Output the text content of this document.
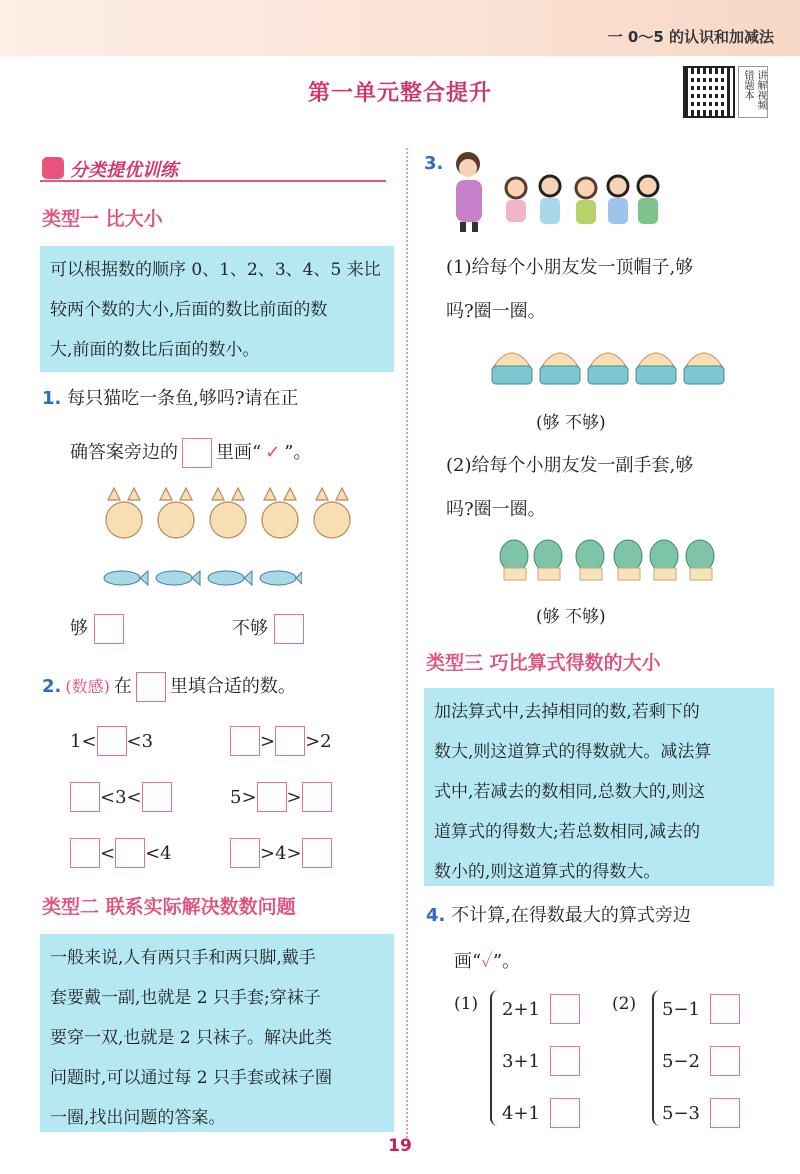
一 0～5 的认识和加减法
第一单元整合提升	错题本 讲解视频
分类提优训练
类型一 比大小
可以根据数的顺序 0、1、2、3、4、5 来比
较两个数的大小,后面的数比前面的数
大,前面的数比后面的数小。
1. 每只猫吃一条鱼,够吗?请在正
确答案旁边的 里画“ ✓ ”。
够	不够
2. (数感) 在 里填合适的数。
1< <3	> >2
<3<	5> >
< <4	>4>
类型二 联系实际解决数数问题
一般来说,人有两只手和两只脚,戴手
套要戴一副,也就是 2 只手套;穿袜子
要穿一双,也就是 2 只袜子。解决此类
问题时,可以通过每 2 只手套或袜子圈
一圈,找出问题的答案。
3.
(1)给每个小朋友发一顶帽子,够
吗?圈一圈。
(够 不够)
(2)给每个小朋友发一副手套,够
吗?圈一圈。
(够 不够)
类型三 巧比算式得数的大小
加法算式中,去掉相同的数,若剩下的
数大,则这道算式的得数就大。减法算
式中,若减去的数相同,总数大的,则这
道算式的得数大;若总数相同,减去的
数小的,则这道算式的得数大。
4. 不计算,在得数最大的算式旁边
画“✓”。
(1) 2+1
3+1
4+1
(2) 5−1
5−2
5−3
19
